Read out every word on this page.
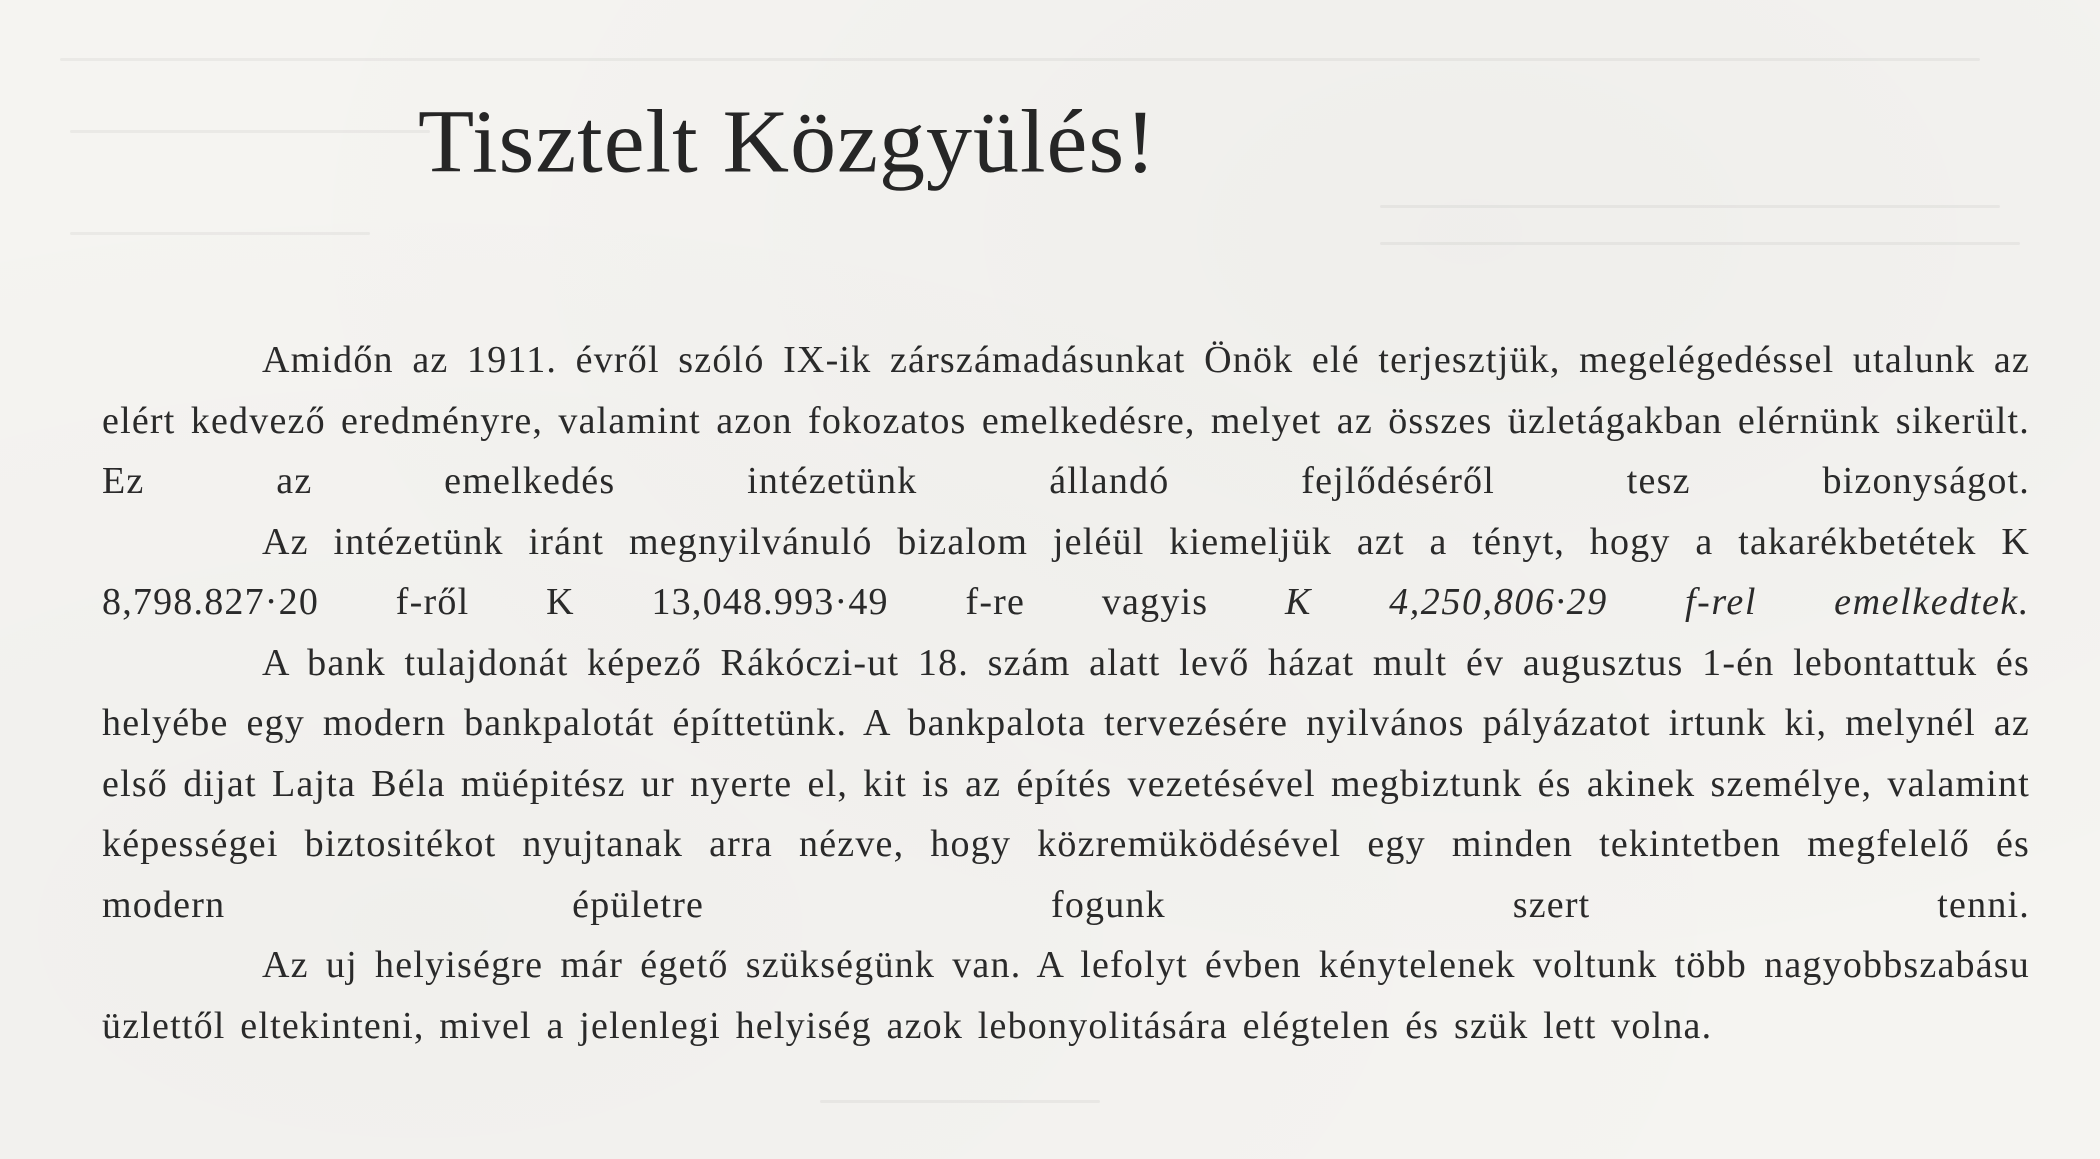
Tisztelt Közgyülés!

Amidőn az 1911. évről szóló IX-ik zárszámadásunkat Önök elé terjesztjük, megelégedéssel utalunk az elért kedvező eredményre, valamint azon fokozatos emelkedésre, melyet az összes üzletágakban elérnünk sikerült. Ez az emelkedés intézetünk állandó fejlődéséről tesz bizonyságot.

Az intézetünk iránt megnyilvánuló bizalom jeléül kiemeljük azt a tényt, hogy a takarékbetétek K 8,798.827·20 f-ről K 13,048.993·49 f-re vagyis K 4,250,806·29 f-rel emelkedtek.

A bank tulajdonát képező Rákóczi-ut 18. szám alatt levő házat mult év augusztus 1-én lebontattuk és helyébe egy modern bankpalotát építtetünk. A bankpalota tervezésére nyilvános pályázatot irtunk ki, melynél az első dijat Lajta Béla müépitész ur nyerte el, kit is az építés vezetésével megbiztunk és akinek személye, valamint képességei biztositékot nyujtanak arra nézve, hogy közremüködésével egy minden tekintetben megfelelő és modern épületre fogunk szert tenni.

Az uj helyiségre már égető szükségünk van. A lefolyt évben kénytelenek voltunk több nagyobbszabásu üzlettől eltekinteni, mivel a jelenlegi helyiség azok lebonyolitására elégtelen és szük lett volna.
